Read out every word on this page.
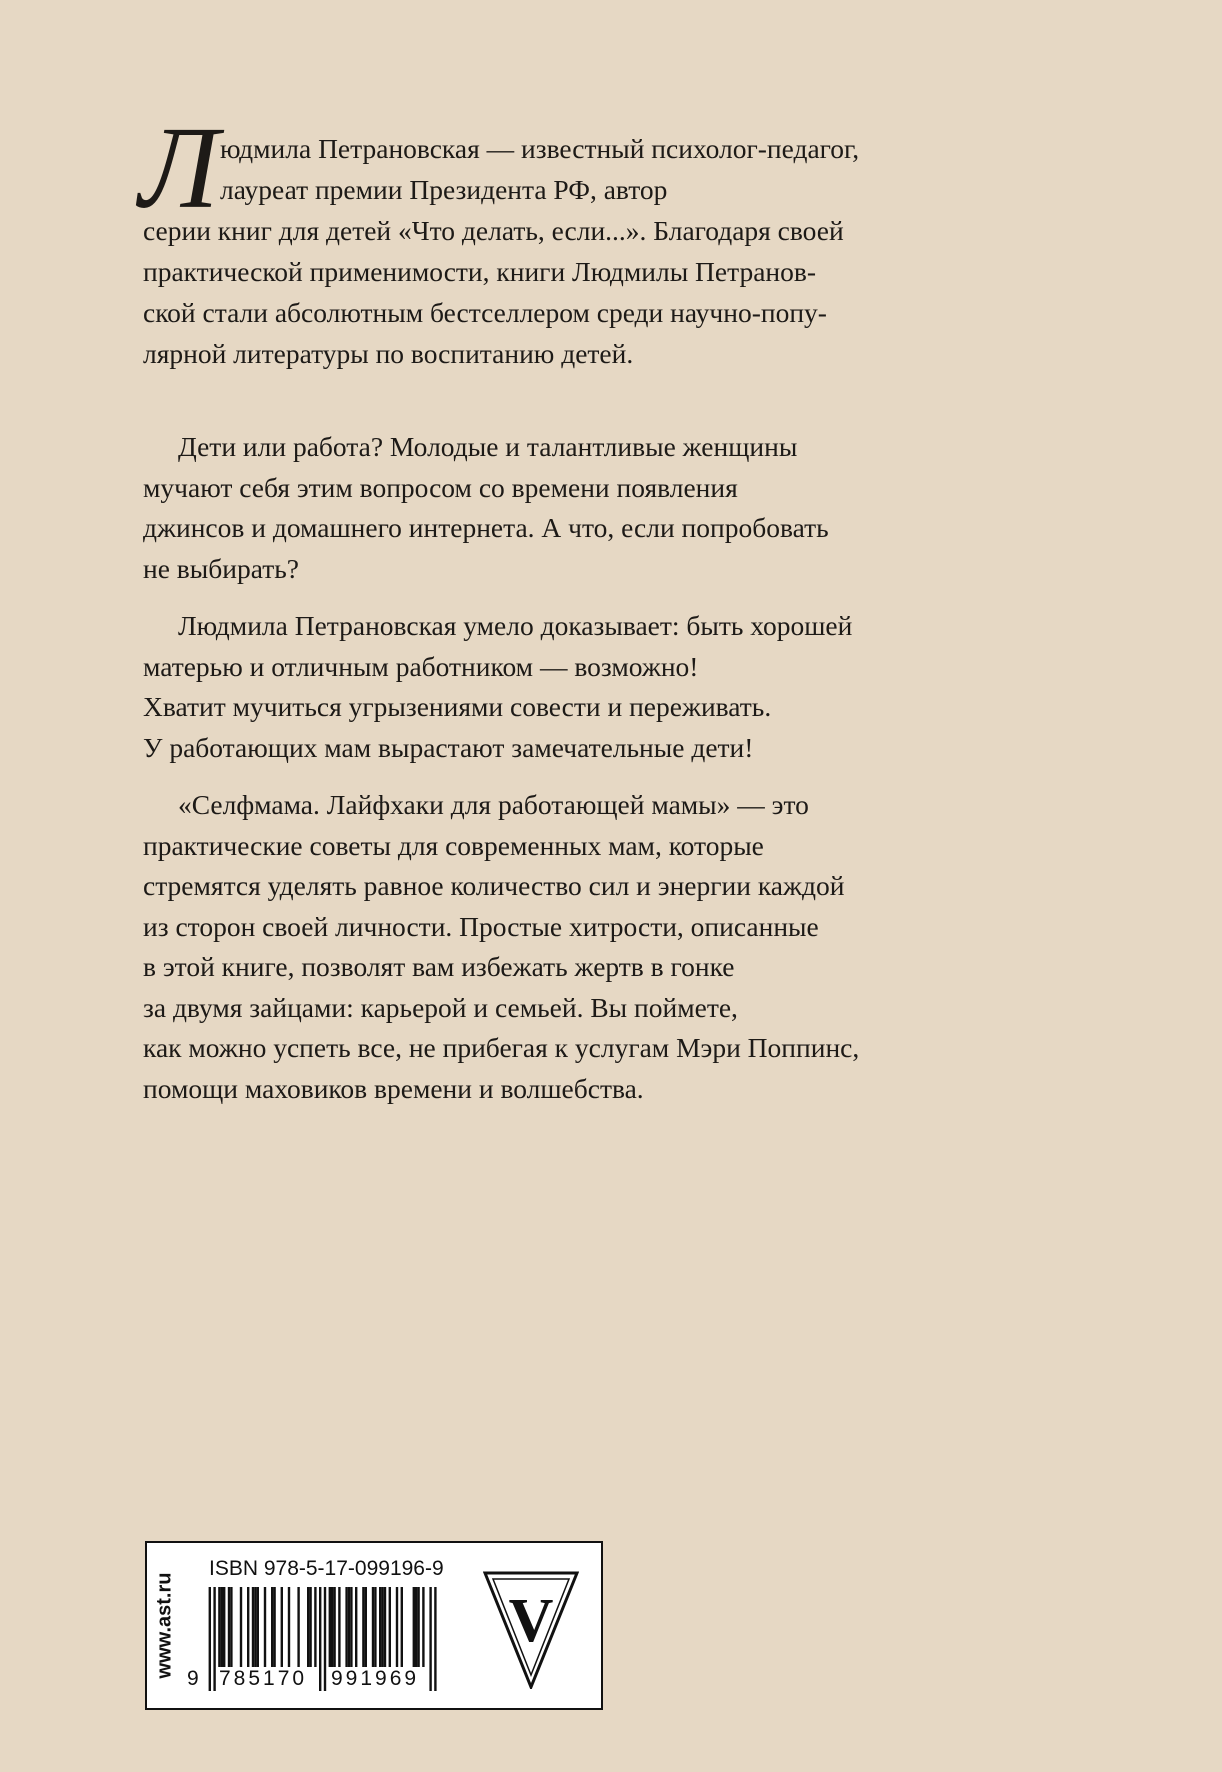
Л юдмила Петрановская — известный психолог-педагог,
лауреат премии Президента РФ, автор
серии книг для детей «Что делать, если...». Благодаря своей
практической применимости, книги Людмилы Петранов-
ской стали абсолютным бестселлером среди научно-попу-
лярной литературы по воспитанию детей.
Дети или работа? Молодые и талантливые женщины
мучают себя этим вопросом со времени появления
джинсов и домашнего интернета. А что, если попробовать
не выбирать?
Людмила Петрановская умело доказывает: быть хорошей
матерью и отличным работником — возможно!
Хватит мучиться угрызениями совести и переживать.
У работающих мам вырастают замечательные дети!
«Селфмама. Лайфхаки для работающей мамы» — это
практические советы для современных мам, которые
стремятся уделять равное количество сил и энергии каждой
из сторон своей личности. Простые хитрости, описанные
в этой книге, позволят вам избежать жертв в гонке
за двумя зайцами: карьерой и семьей. Вы поймете,
как можно успеть все, не прибегая к услугам Мэри Поппинс,
помощи маховиков времени и волшебства.
www.ast.ru
ISBN 978-5-17-099196-9
9 785170 991969
V
